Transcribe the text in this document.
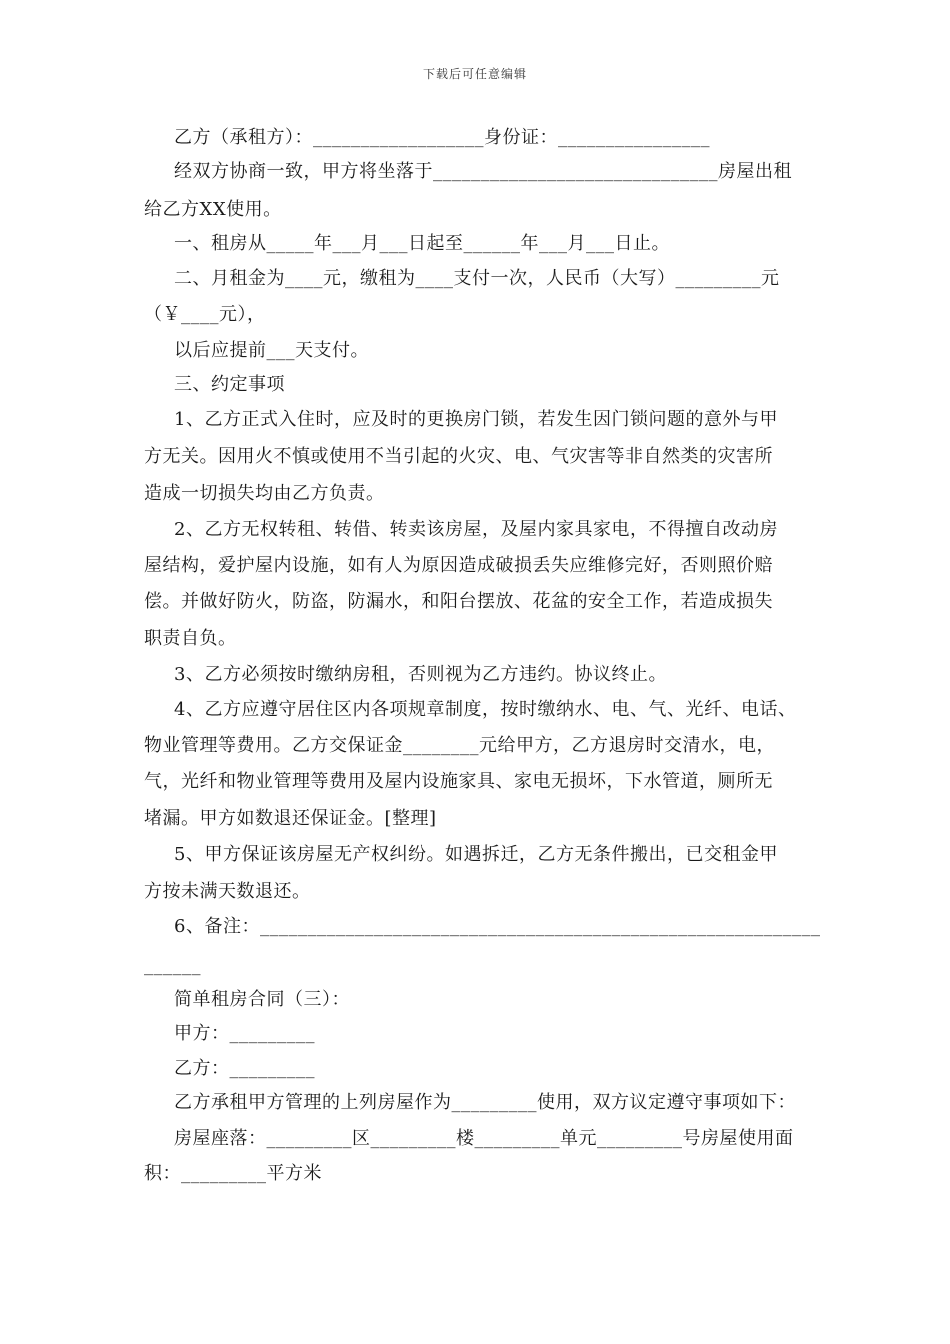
下载后可任意编辑
乙方（承租方）：__________________身份证：________________
经双方协商一致，甲方将坐落于______________________________房屋出租
给乙方XX使用。
一、租房从_____年___月___日起至______年___月___日止。
二、月租金为____元，缴租为____支付一次，人民币（大写）_________元
（￥____元），
以后应提前___天支付。
三、约定事项
1、乙方正式入住时，应及时的更换房门锁，若发生因门锁问题的意外与甲
方无关。因用火不慎或使用不当引起的火灾、电、气灾害等非自然类的灾害所
造成一切损失均由乙方负责。
2、乙方无权转租、转借、转卖该房屋，及屋内家具家电，不得擅自改动房
屋结构，爱护屋内设施，如有人为原因造成破损丢失应维修完好，否则照价赔
偿。并做好防火，防盗，防漏水，和阳台摆放、花盆的安全工作，若造成损失
职责自负。
3、乙方必须按时缴纳房租，否则视为乙方违约。协议终止。
4、乙方应遵守居住区内各项规章制度，按时缴纳水、电、气、光纤、电话、
物业管理等费用。乙方交保证金________元给甲方，乙方退房时交清水，电，
气，光纤和物业管理等费用及屋内设施家具、家电无损坏，下水管道，厕所无
堵漏。甲方如数退还保证金。[整理]
5、甲方保证该房屋无产权纠纷。如遇拆迁，乙方无条件搬出，已交租金甲
方按未满天数退还。
6、备注：___________________________________________________________
______
简单租房合同（三）：
甲方：_________
乙方：_________
乙方承租甲方管理的上列房屋作为_________使用，双方议定遵守事项如下：
房屋座落：_________区_________楼_________单元_________号房屋使用面
积：_________平方米
